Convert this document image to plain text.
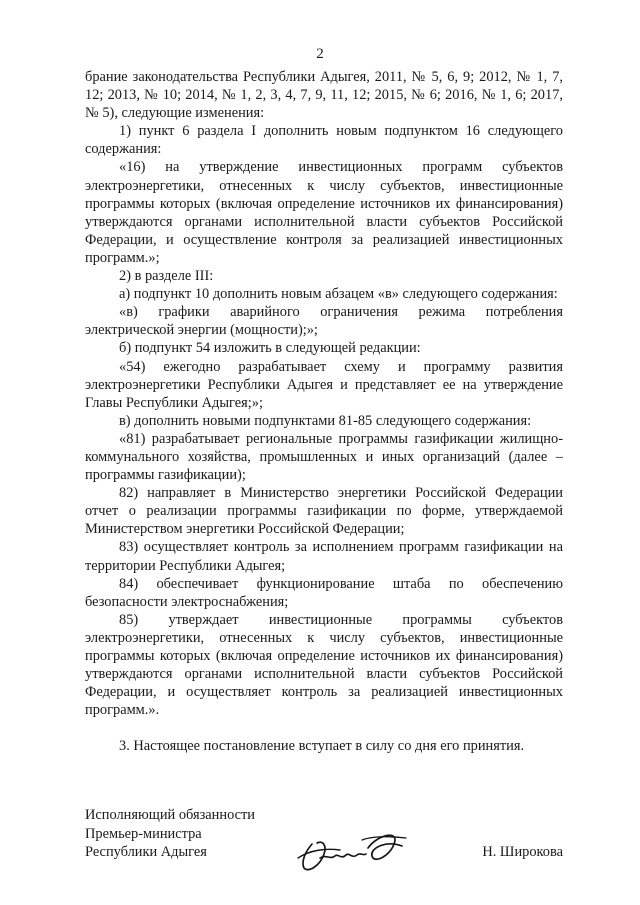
2

брание законодательства Республики Адыгея, 2011, № 5, 6, 9; 2012, № 1, 7, 12; 2013, № 10; 2014, № 1, 2, 3, 4, 7, 9, 11, 12; 2015, № 6; 2016, № 1, 6; 2017, № 5), следующие изменения:

1) пункт 6 раздела I дополнить новым подпунктом 16 следующего содержания:

«16) на утверждение инвестиционных программ субъектов электроэнергетики, отнесенных к числу субъектов, инвестиционные программы которых (включая определение источников их финансирования) утверждаются органами исполнительной власти субъектов Российской Федерации, и осуществление контроля за реализацией инвестиционных программ.»;

2) в разделе III:

а) подпункт 10 дополнить новым абзацем «в» следующего содержания:

«в) графики аварийного ограничения режима потребления электрической энергии (мощности);»;

б) подпункт 54 изложить в следующей редакции:

«54) ежегодно разрабатывает схему и программу развития электроэнергетики Республики Адыгея и представляет ее на утверждение Главы Республики Адыгея;»;

в) дополнить новыми подпунктами 81-85 следующего содержания:

«81) разрабатывает региональные программы газификации жилищно-коммунального хозяйства, промышленных и иных организаций (далее – программы газификации);

82) направляет в Министерство энергетики Российской Федерации отчет о реализации программы газификации по форме, утверждаемой Министерством энергетики Российской Федерации;

83) осуществляет контроль за исполнением программ газификации на территории Республики Адыгея;

84) обеспечивает функционирование штаба по обеспечению безопасности электроснабжения;

85) утверждает инвестиционные программы субъектов электроэнергетики, отнесенных к числу субъектов, инвестиционные программы которых (включая определение источников их финансирования) утверждаются органами исполнительной власти субъектов Российской Федерации, и осуществляет контроль за реализацией инвестиционных программ.».

3. Настоящее постановление вступает в силу со дня его принятия.

Исполняющий обязанности
Премьер-министра
Республики Адыгея	Н. Широкова
